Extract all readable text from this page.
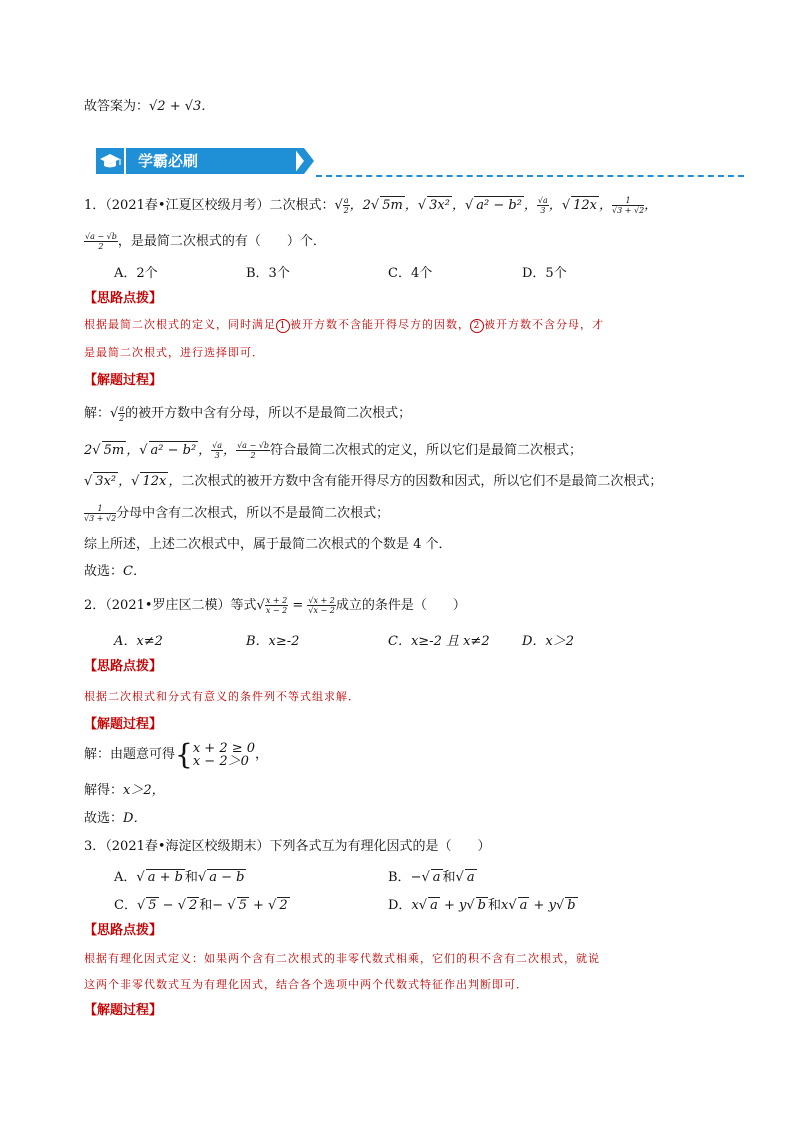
故答案为：√2 + √3．
学霸必刷
1．（2021春•江夏区校级月考）二次根式：√ $\frac{a}{2}$ ，2√ 5m ，√ 3x² ，√ a² − b² ， $\frac{√a}{3}$ ，√ 12x ， $\frac{1}{√3 + √2}$ ，
$\frac{√a - √b}{2}$ ，是最简二次根式的有（　　）个．
A．2个	B．3个	C．4个	D．5个
【思路点拨】
根据最简二次根式的定义，同时满足 1 被开方数不含能开得尽方的因数， 2 被开方数不含分母，才
是最简二次根式，进行选择即可．
【解题过程】
解：√ $\frac{a}{2}$ 的被开方数中含有分母，所以不是最简二次根式；
2√ 5m ，√ a² − b² ， $\frac{√a}{3}$ ， $\frac{√a - √b}{2}$ 符合最简二次根式的定义，所以它们是最简二次根式；
√ 3x² ，√ 12x ，二次根式的被开方数中含有能开得尽方的因数和因式，所以它们不是最简二次根式；
$\frac{1}{√3 + √2}$ 分母中含有二次根式，所以不是最简二次根式；
综上所述，上述二次根式中，属于最简二次根式的个数是 4 个．
故选：C．
2．（2021•罗庄区二模）等式√ $\frac{x + 2}{x - 2} = \frac{√x + 2}{√x - 2}$ 成立的条件是（　　）
A．x≠2	B．x≥-2	C．x≥-2 且 x≠2 D．x＞2
【思路点拨】
根据二次根式和分式有意义的条件列不等式组求解．
【解题过程】
解：由题意可得{ x + 2 ≥ 0
x − 2＞0 ，
解得：x＞2，
故选：D．
3．（2021春•海淀区校级期末）下列各式互为有理化因式的是（　　）
A．√ a + b 和√ a − b	B．−√ a 和√ a
C．√ 5 − √ 2 和− √ 5 + √ 2	D．x√ a + y√ b 和x√ a + y√ b
【思路点拨】
根据有理化因式定义：如果两个含有二次根式的非零代数式相乘，它们的积不含有二次根式，就说
这两个非零代数式互为有理化因式，结合各个选项中两个代数式特征作出判断即可．
【解题过程】
